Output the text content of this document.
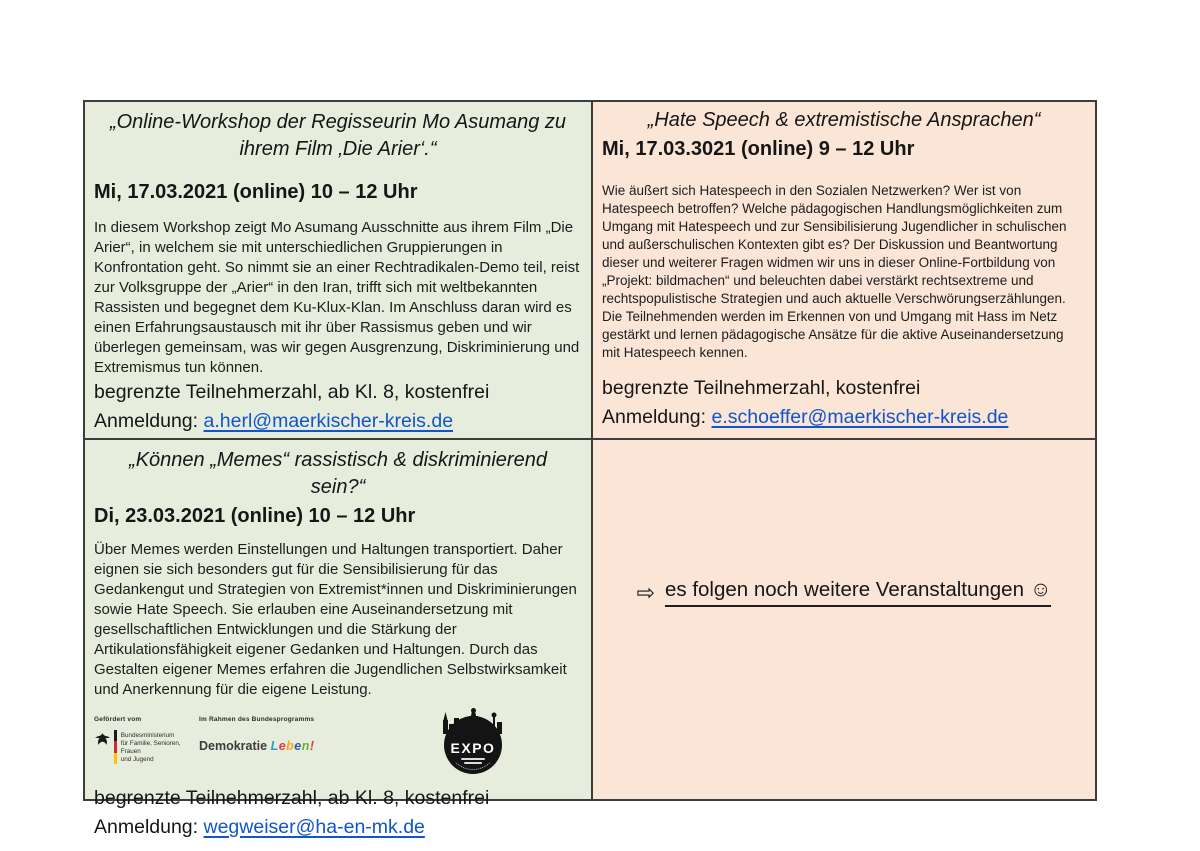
„Online-Workshop der Regisseurin Mo Asumang zu ihrem Film ‚Die Arier‘.“
Mi, 17.03.2021 (online) 10 – 12 Uhr

In diesem Workshop zeigt Mo Asumang Ausschnitte aus ihrem Film „Die Arier“, in welchem sie mit unterschiedlichen Gruppierungen in Konfrontation geht. So nimmt sie an einer Rechtradikalen-Demo teil, reist zur Volksgruppe der „Arier“ in den Iran, trifft sich mit weltbekannten Rassisten und begegnet dem Ku-Klux-Klan. Im Anschluss daran wird es einen Erfahrungsaustausch mit ihr über Rassismus geben und wir überlegen gemeinsam, was wir gegen Ausgrenzung, Diskriminierung und Extremismus tun können.

begrenzte Teilnehmerzahl, ab Kl. 8, kostenfrei
Anmeldung: a.herl@maerkischer-kreis.de
„Hate Speech & extremistische Ansprachen“
Mi, 17.03.3021 (online) 9 – 12 Uhr

Wie äußert sich Hatespeech in den Sozialen Netzwerken? Wer ist von Hatespeech betroffen? Welche pädagogischen Handlungsmöglichkeiten zum Umgang mit Hatespeech und zur Sensibilisierung Jugendlicher in schulischen und außerschulischen Kontexten gibt es? Der Diskussion und Beantwortung dieser und weiterer Fragen widmen wir uns in dieser Online-Fortbildung von „Projekt: bildmachen“ und beleuchten dabei verstärkt rechtsextreme und rechtspopulistische Strategien und auch aktuelle Verschwörungserzählungen. Die Teilnehmenden werden im Erkennen von und Umgang mit Hass im Netz gestärkt und lernen pädagogische Ansätze für die aktive Auseinandersetzung mit Hatespeech kennen.

begrenzte Teilnehmerzahl, kostenfrei
Anmeldung: e.schoeffer@maerkischer-kreis.de
„Können „Memes“ rassistisch & diskriminierend sein?“
Di, 23.03.2021 (online) 10 – 12 Uhr

Über Memes werden Einstellungen und Haltungen transportiert. Daher eignen sie sich besonders gut für die Sensibilisierung für das Gedankengut und Strategien von Extremist*innen und Diskriminierungen sowie Hate Speech. Sie erlauben eine Auseinandersetzung mit gesellschaftlichen Entwicklungen und die Stärkung der Artikulationsfähigkeit eigener Gedanken und Haltungen. Durch das Gestalten eigener Memes erfahren die Jugendlichen Selbstwirksamkeit und Anerkennung für die eigene Leistung.

Gefördert vom
Bundesministerium
für Familie, Senioren, Frauen
und Jugend
Im Rahmen des Bundesprogramms
Demokratie Leben!	EXPO
begrenzte Teilnehmerzahl, ab Kl. 8, kostenfrei
Anmeldung: wegweiser@ha-en-mk.de
⇨ es folgen noch weitere Veranstaltungen ☺
